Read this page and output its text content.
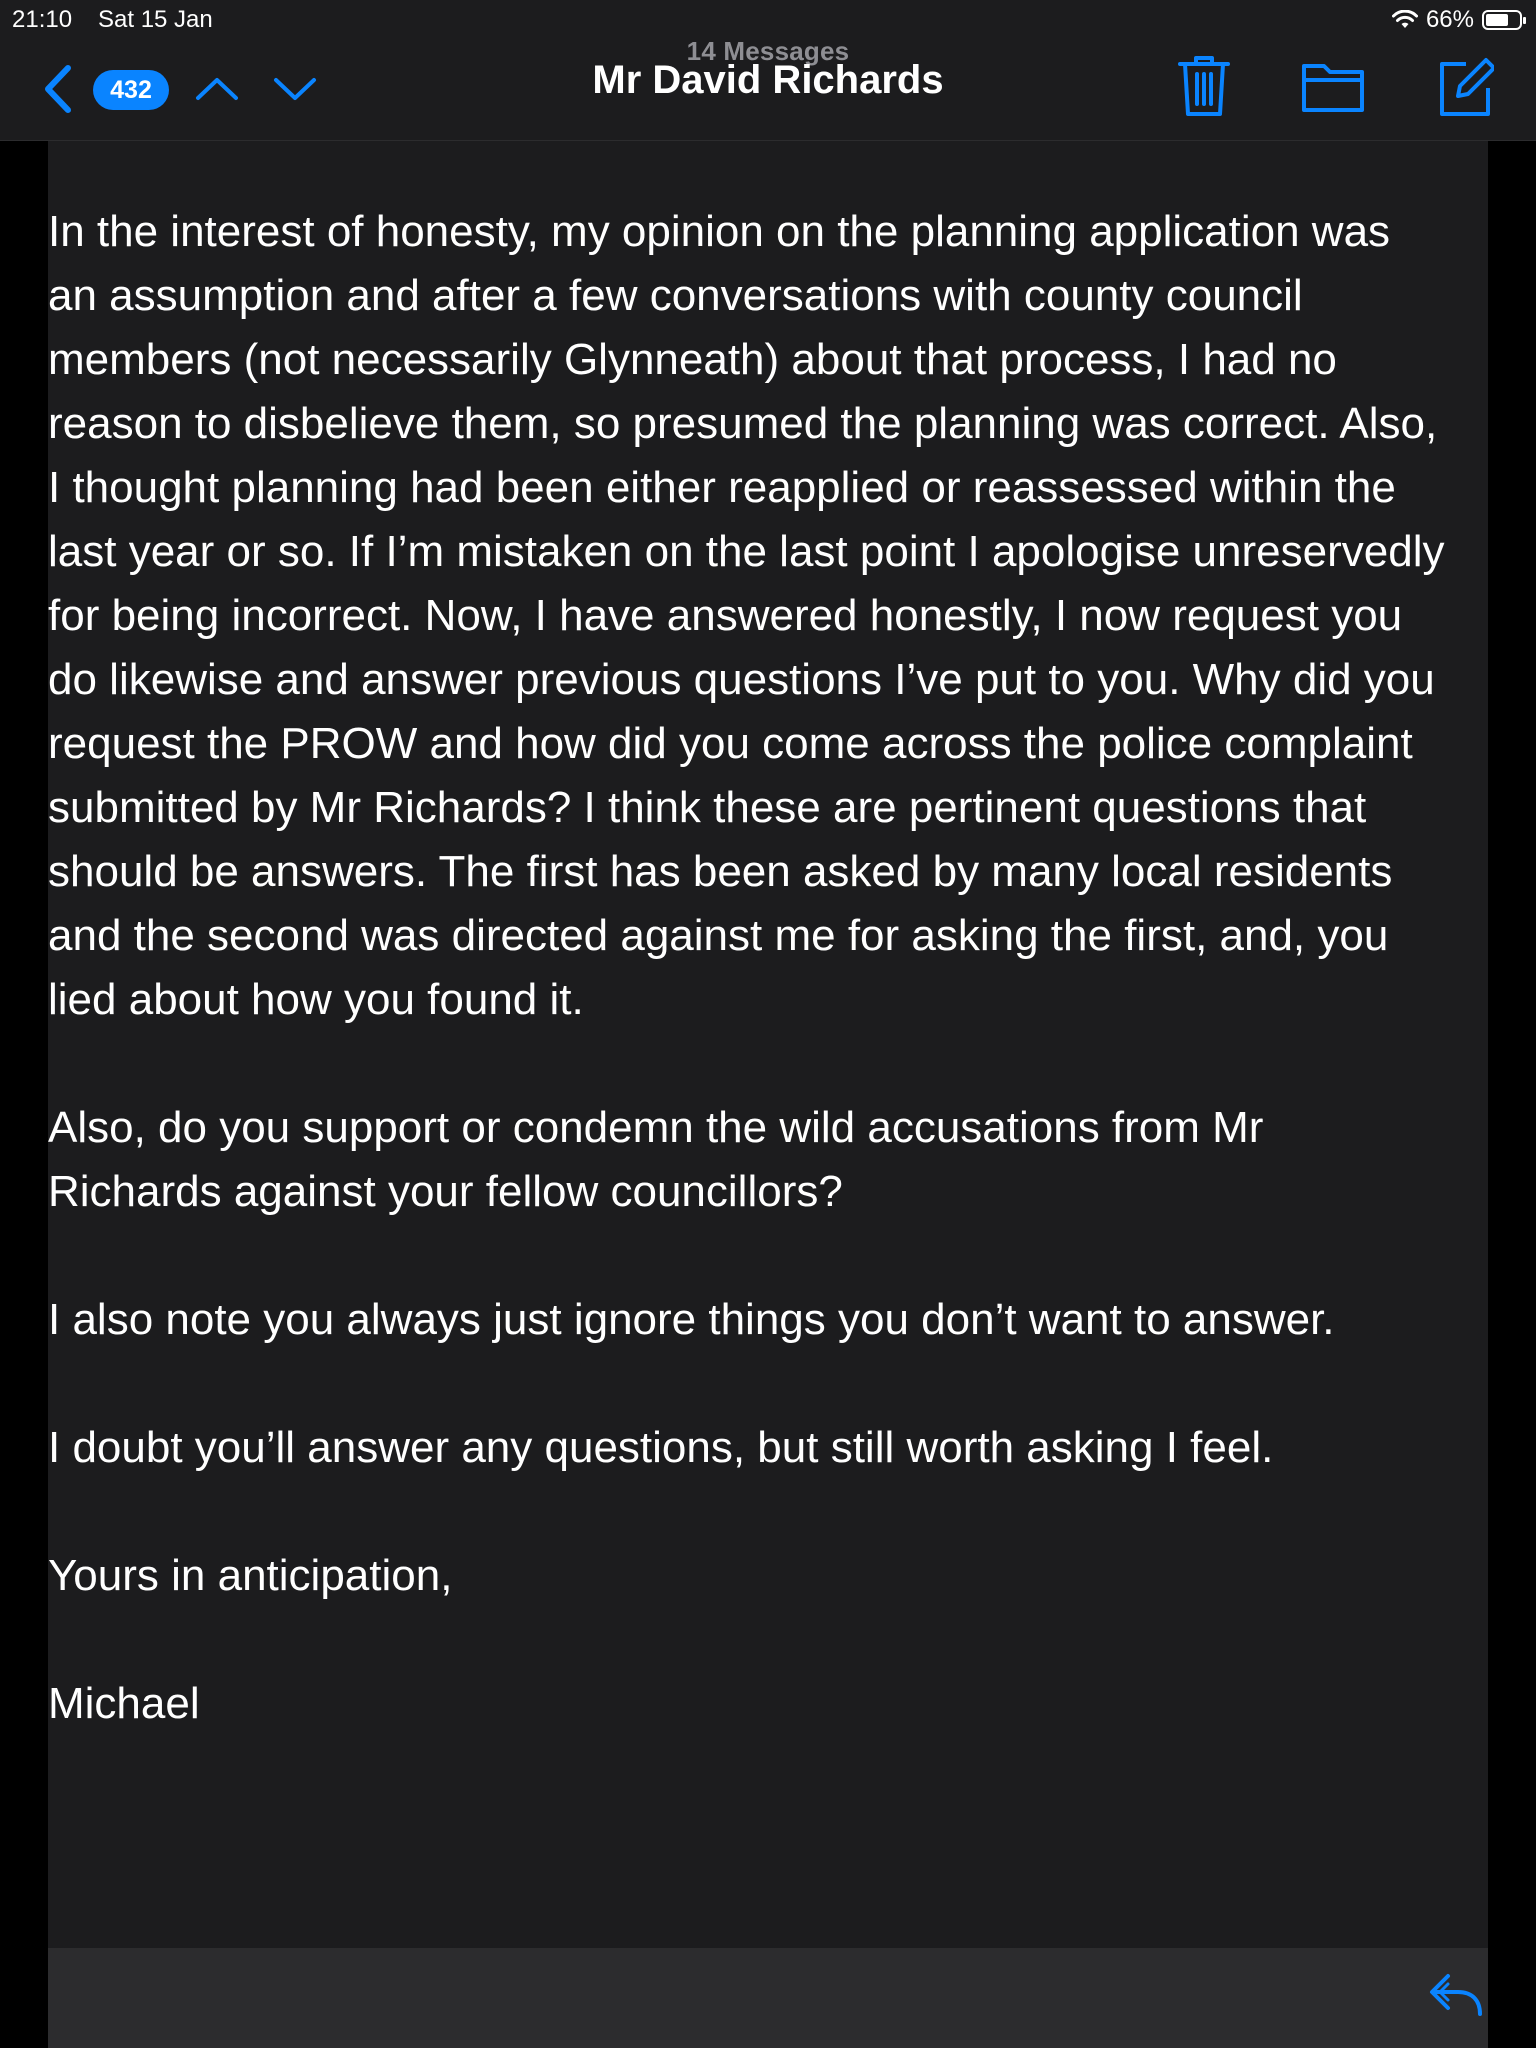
21:10 Sat 15 Jan	66%
432
14 Messages
Mr David Richards

In the interest of honesty, my opinion on the planning application was an assumption and after a few conversations with county council members (not necessarily Glynneath) about that process, I had no reason to disbelieve them, so presumed the planning was correct. Also, I thought planning had been either reapplied or reassessed within the last year or so. If I’m mistaken on the last point I apologise unreservedly for being incorrect. Now, I have answered honestly, I now request you do likewise and answer previous questions I’ve put to you. Why did you request the PROW and how did you come across the police complaint submitted by Mr Richards? I think these are pertinent questions that should be answers. The first has been asked by many local residents and the second was directed against me for asking the first, and, you lied about how you found it.

Also, do you support or condemn the wild accusations from Mr Richards against your fellow councillors?

I also note you always just ignore things you don’t want to answer.

I doubt you’ll answer any questions, but still worth asking I feel.

Yours in anticipation,

Michael
